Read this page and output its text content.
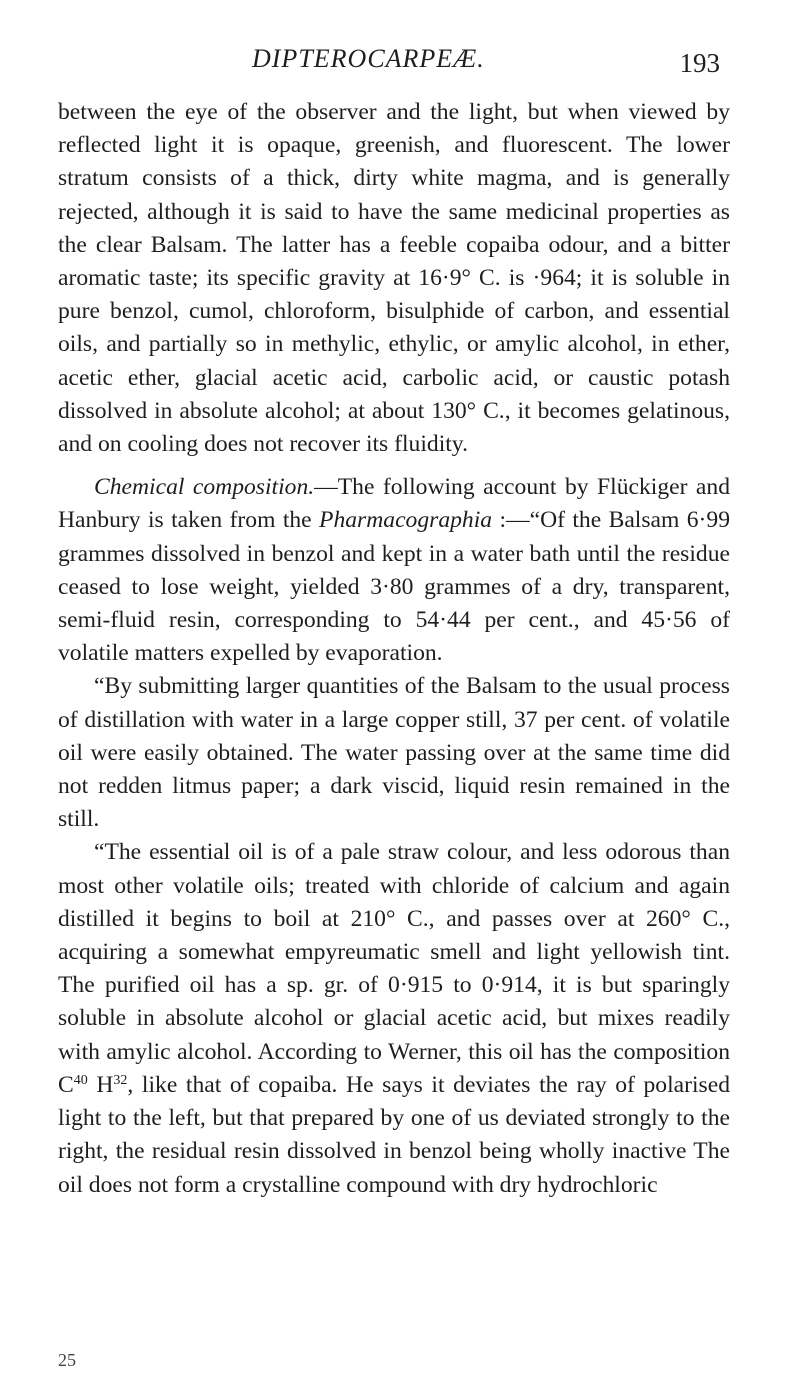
DIPTEROCARPEÆ.	193

between the eye of the observer and the light, but when viewed by reflected light it is opaque, greenish, and fluorescent. The lower stratum consists of a thick, dirty white magma, and is generally rejected, although it is said to have the same medicinal properties as the clear Balsam. The latter has a feeble copaiba odour, and a bitter aromatic taste; its specific gravity at 16·9° C. is ·964; it is soluble in pure benzol, cumol, chloroform, bisulphide of carbon, and essential oils, and partially so in methylic, ethylic, or amylic alcohol, in ether, acetic ether, glacial acetic acid, carbolic acid, or caustic potash dissolved in absolute alcohol; at about 130° C., it becomes gelatinous, and on cooling does not recover its fluidity.

Chemical composition.—The following account by Flückiger and Hanbury is taken from the Pharmacographia :—“Of the Balsam 6·99 grammes dissolved in benzol and kept in a water bath until the residue ceased to lose weight, yielded 3·80 grammes of a dry, transparent, semi-fluid resin, corresponding to 54·44 per cent., and 45·56 of volatile matters expelled by evaporation.

“By submitting larger quantities of the Balsam to the usual process of distillation with water in a large copper still, 37 per cent. of volatile oil were easily obtained. The water passing over at the same time did not redden litmus paper; a dark viscid, liquid resin remained in the still.

“The essential oil is of a pale straw colour, and less odorous than most other volatile oils; treated with chloride of calcium and again distilled it begins to boil at 210° C., and passes over at 260° C., acquiring a somewhat empyreumatic smell and light yellowish tint. The purified oil has a sp. gr. of 0·915 to 0·914, it is but sparingly soluble in absolute alcohol or glacial acetic acid, but mixes readily with amylic alcohol. According to Werner, this oil has the composition $C^{40}$ $H^{32}$, like that of copaiba. He says it deviates the ray of polarised light to the left, but that prepared by one of us deviated strongly to the right, the residual resin dissolved in benzol being wholly inactive The oil does not form a crystalline compound with dry hydrochloric

25
